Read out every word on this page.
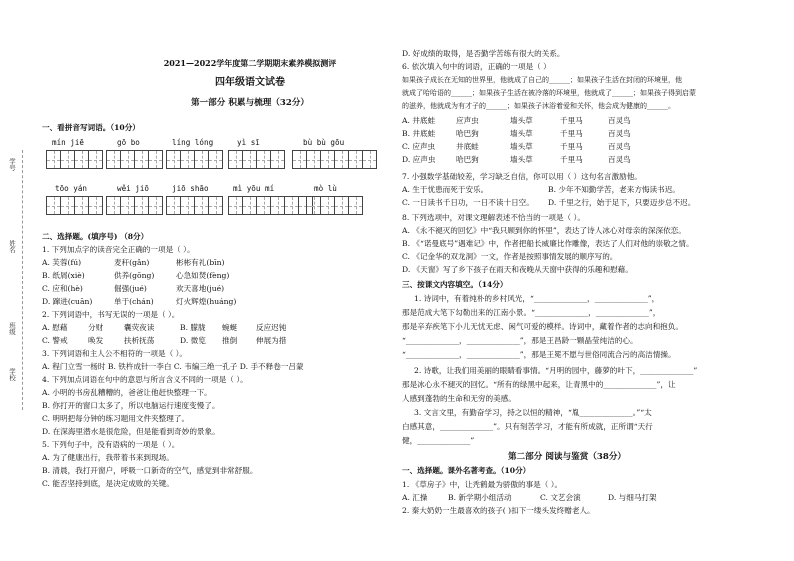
学号
姓名
班级
学校
2021—2022学年度第二学期期末素养模拟测评
四年级语文试卷
第一部分 积累与梳理（32分）
一、看拼音写词语。（10分）
mín jiē	gō bo	líng lóng	yì sī	bù bù gōu
tōo yán	wěi jiō	jiō shāo	mì yōu mí	mò lù
二、选择题。(填序号) （8分）
1. 下列加点字的读音完全正确的一项是（ ）。
A. 芙蓉(fú)	麦秆(gǎn)	彬彬有礼(bīn)
B. 纸屑(xiè)	供养(gōng)	心急如焚(fèng)
C. 应和(hè)	倔强(jué)	欢天喜地(jué)
D. 蹿进(cuān)	单于(chán)	灯火辉煌(huáng)
2. 下列词语中，书写无误的一项是（ ）。
A. 慰藉	分财	囊荧夜读	B. 朦胧 蜿蜒 反应迟钝
C. 警戒	唤发	扶析抚荡	D. 微览 推倒 伸展为措
3. 下列词语和主人公不相符的一项是（ ）。
A. 程门立雪一杨时 B. 铁杵成针一李白 C. 韦编三绝一孔子 D. 手不释卷一吕蒙
4. 下列加点词语在句中的意思与所言含义不同的一项是（ ）。
A. 小明的书房乱糟糟的，爸爸让他赶快整理一下。
B. 你打开的窗口太多了，所以电脑运行速度变慢了。
C. 明明把每分钟的练习题用文件夹整理了。
D. 在深海里潜水是很危险，但是能看到奇妙的景象。
5. 下列句子中，没有语病的一项是（ ）。
A. 为了健康出行，我带着书来到现场。
B. 清晨，我打开窗户，呼吸一口新奇的空气，感觉到非常舒服。
C. 能否坚持到底，是决定成败的关键。
D. 好成绩的取得，是否勤学苦练有很大的关系。
6. 依次填入句中的词语，正确的一项是（ ）
如果孩子成长在无知的世界里，他就成了自己的______；如果孩子生活在封闭的环境里，他
就成了哈哈语的______；如果孩子生活在被冷落的环境里，他就成了______；如果孩子得到启蒙
的滋养，他就成为有才子的______；如果孩子沐浴着爱和关怀，他会成为健康的______。
A. 井底蛙	应声虫	墙头草	千里马	百灵鸟
B. 井底蛙	哈巴狗	墙头草	千里马	百灵鸟
C. 应声虫	井底蛙	墙头草	千里马	百灵鸟
D. 应声虫	哈巴狗	墙头草	千里马	百灵鸟
7. 小强数学基础较差，学习缺乏自信，你可以用（ ）这句名言激励他。
A. 生于忧患而死于安乐。	B. 少年不知勤学苦，老来方悔读书迟。
C. 一日读书千日功，一日不读十日空。 D. 千里之行，始于足下，只要迈步总不迟。
8. 下列选项中，对课文理解表述不恰当的一项是（ ）。
A. 《永不褪灭的回忆》中“我只顾到你的怀里”，表达了诗人冰心对母亲的深深依恋。
B. 《“诺曼底号”遇难记》中，作者把船长威廉比作雕像，表达了人们对他的崇敬之情。
C. 《记金华的双龙洞》一文，作者是按照事情发展的顺序写的。
D. 《天窗》写了乡下孩子在雨天和夜晚从天窗中获得的乐趣和慰藉。
三、按课文内容填空。（14分）
1. 诗词中，有着纯朴的乡村风光，“______________，______________”，
那是范成大笔下勾勒出来的江南小景。“______________，______________”，
那是辛弃疾笔下小儿无忧无虑、闲气可爱的模样。诗词中，藏着作者的志向和抱负。
“______________，______________”，那是王昌龄一颗晶莹纯洁的心。
“______________，______________”，那是王冕不愿与世俗同流合污的高洁情操。
2. 诗歌，让我们用美丽的眼睛看事情。“月明的园中，藤萝的叶下，______________”
那是冰心永不褪灭的回忆。“所有的绿黑中起来，让青黑中的______________”，让
人感到蓬勃的生命和无穷的美感。
3. 文言文里，有勤奋学习，持之以恒的精神，“胤______________。”“太
白感其意，______________”。只有刻苦学习，才能有所成就，正所谓“天行
健，______________”
第二部分 阅读与鉴赏（38分）
一、选择题。课外名著考查。（10分）
1. 《草房子》中，让秃鹤最为骄傲的事是（ ）。
A. 汇操	B. 新学期小组活动	C. 文艺会演	D. 与细马打架
2. 秦大奶奶一生最喜欢的孩子( )扣下一缕头发终赠老人。
